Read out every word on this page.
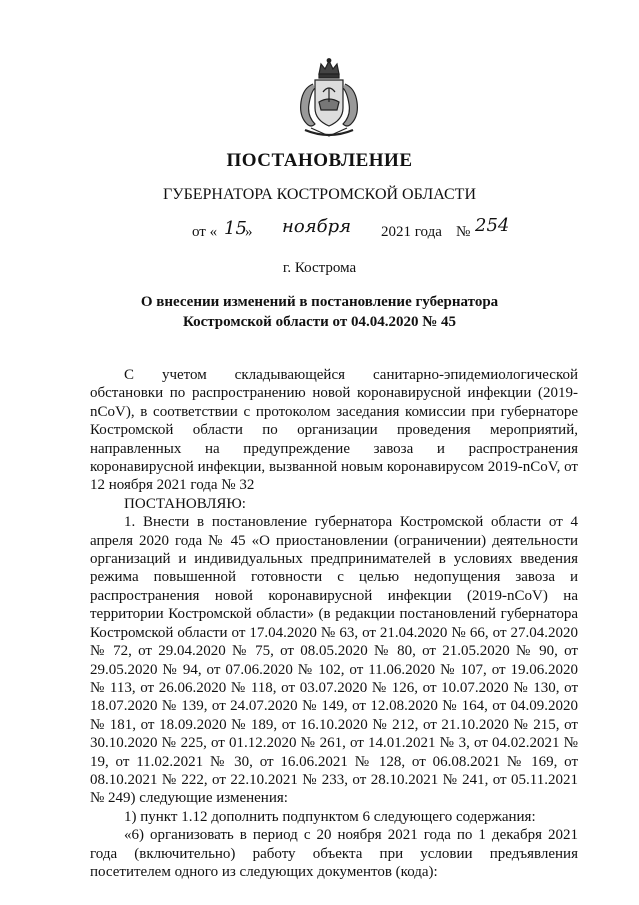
ПОСТАНОВЛЕНИЕ
ГУБЕРНАТОРА КОСТРОМСКОЙ ОБЛАСТИ
от « 15
» ноября 2021 года № 254
г. Кострома
О внесении изменений в постановление губернатора
Костромской области от 04.04.2020 № 45

С учетом складывающейся санитарно-эпидемиологической обстановки по распространению новой коронавирусной инфекции (2019-nCoV), в соответствии с протоколом заседания комиссии при губернаторе Костромской области по организации проведения мероприятий, направленных на предупреждение завоза и распространения коронавирусной инфекции, вызванной новым коронавирусом 2019-nCoV, от 12 ноября 2021 года № 32

ПОСТАНОВЛЯЮ:

1. Внести в постановление губернатора Костромской области от 4 апреля 2020 года № 45 «О приостановлении (ограничении) деятельности организаций и индивидуальных предпринимателей в условиях введения режима повышенной готовности с целью недопущения завоза и распространения новой коронавирусной инфекции (2019-nCoV) на территории Костромской области» (в редакции постановлений губернатора Костромской области от 17.04.2020 № 63, от 21.04.2020 № 66, от 27.04.2020 № 72, от 29.04.2020 № 75, от 08.05.2020 № 80, от 21.05.2020 № 90, от 29.05.2020 № 94, от 07.06.2020 № 102, от 11.06.2020 № 107, от 19.06.2020 № 113, от 26.06.2020 № 118, от 03.07.2020 № 126, от 10.07.2020 № 130, от 18.07.2020 № 139, от 24.07.2020 № 149, от 12.08.2020 № 164, от 04.09.2020 № 181, от 18.09.2020 № 189, от 16.10.2020 № 212, от 21.10.2020 № 215, от 30.10.2020 № 225, от 01.12.2020 № 261, от 14.01.2021 № 3, от 04.02.2021 № 19, от 11.02.2021 № 30, от 16.06.2021 № 128, от 06.08.2021 № 169, от 08.10.2021 № 222, от 22.10.2021 № 233, от 28.10.2021 № 241, от 05.11.2021 № 249) следующие изменения:

1) пункт 1.12 дополнить подпунктом 6 следующего содержания:

«6) организовать в период с 20 ноября 2021 года по 1 декабря 2021 года (включительно) работу объекта при условии предъявления посетителем одного из следующих документов (кода):
